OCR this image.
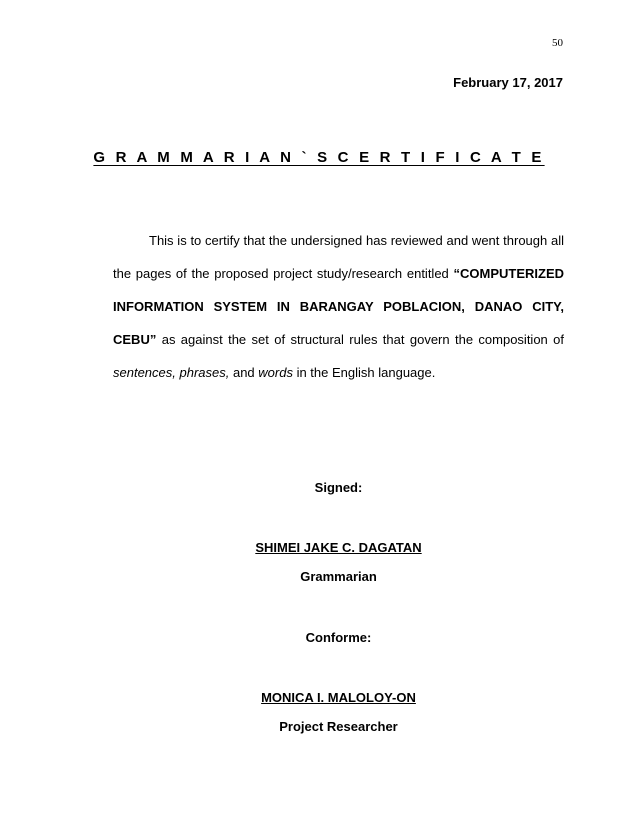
50
February 17, 2017
G R A M M A R I A N ` S C E R T I F I C A T E

This is to certify that the undersigned has reviewed and went through all the pages of the proposed project study/research entitled “COMPUTERIZED INFORMATION SYSTEM IN BARANGAY POBLACION, DANAO CITY, CEBU” as against the set of structural rules that govern the composition of sentences, phrases, and words in the English language.

Signed:
SHIMEI JAKE C. DAGATAN
Grammarian
Conforme:
MONICA I. MALOLOY-ON
Project Researcher
